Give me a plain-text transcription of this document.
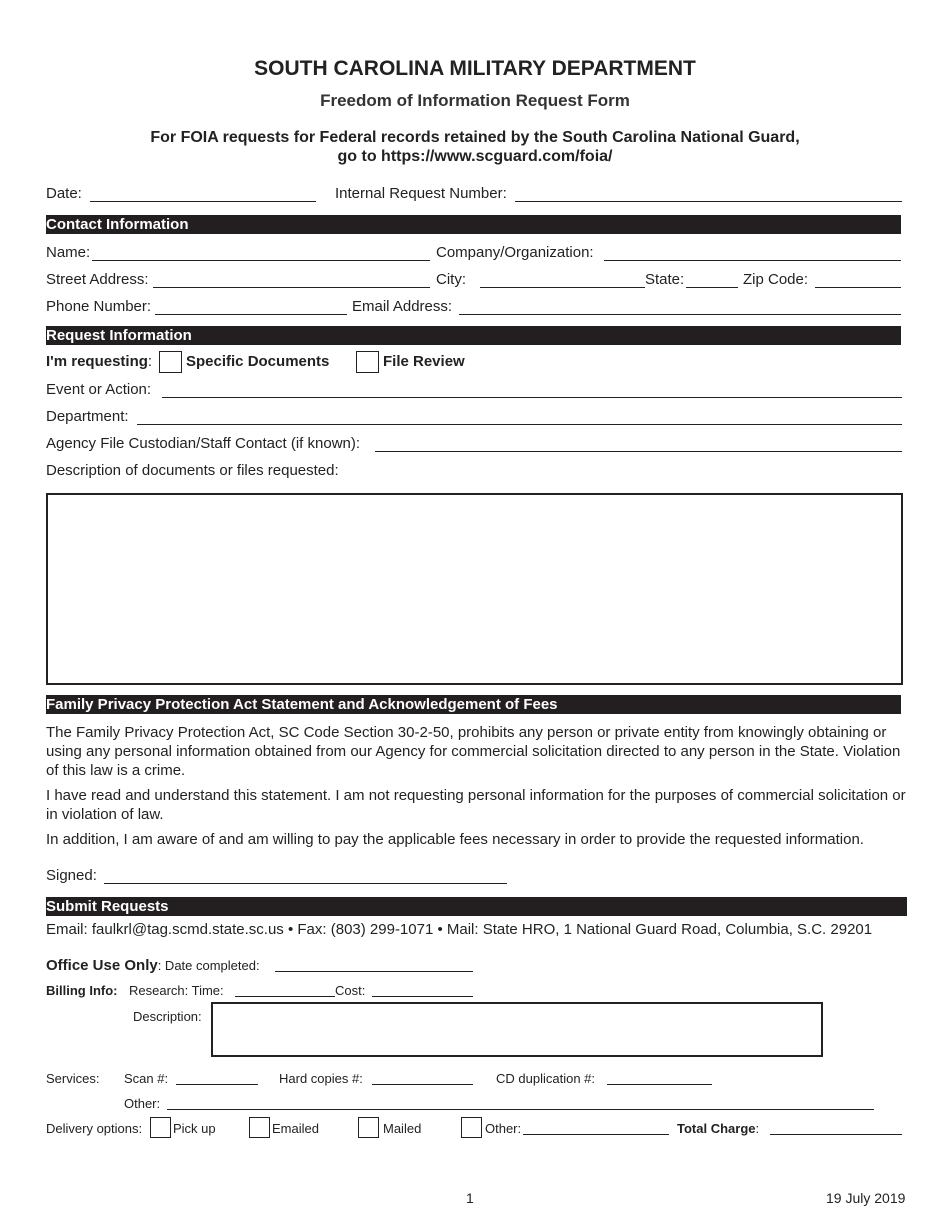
SOUTH CAROLINA MILITARY DEPARTMENT
Freedom of Information Request Form
For FOIA requests for Federal records retained by the South Carolina National Guard,
go to https://www.scguard.com/foia/
Date:	Internal Request Number:
Contact Information
Name:	Company/Organization:
Street Address:	City:	State:	Zip Code:
Phone Number:	Email Address:
Request Information
I'm requesting: Specific Documents	File Review
Event or Action:
Department:
Agency File Custodian/Staff Contact (if known):
Description of documents or files requested:
Family Privacy Protection Act Statement and Acknowledgement of Fees
The Family Privacy Protection Act, SC Code Section 30-2-50, prohibits any person or private entity from knowingly obtaining or using any personal information obtained from our Agency for commercial solicitation directed to any person in the State. Violation of this law is a crime.
I have read and understand this statement. I am not requesting personal information for the purposes of commercial solicitation or in violation of law.
In addition, I am aware of and am willing to pay the applicable fees necessary in order to provide the requested information.
Signed:
Submit Requests
Email: faulkrl@tag.scmd.state.sc.us • Fax: (803) 299-1071 • Mail: State HRO, 1 National Guard Road, Columbia, S.C. 29201
Office Use Only: Date completed:
Billing Info: Research: Time:	Cost:
Description:
Services: Scan #:	Hard copies #:	CD duplication #:
Other:
Delivery options: Pick up	Emailed	Mailed	Other:	Total Charge:
1	19 July 2019
